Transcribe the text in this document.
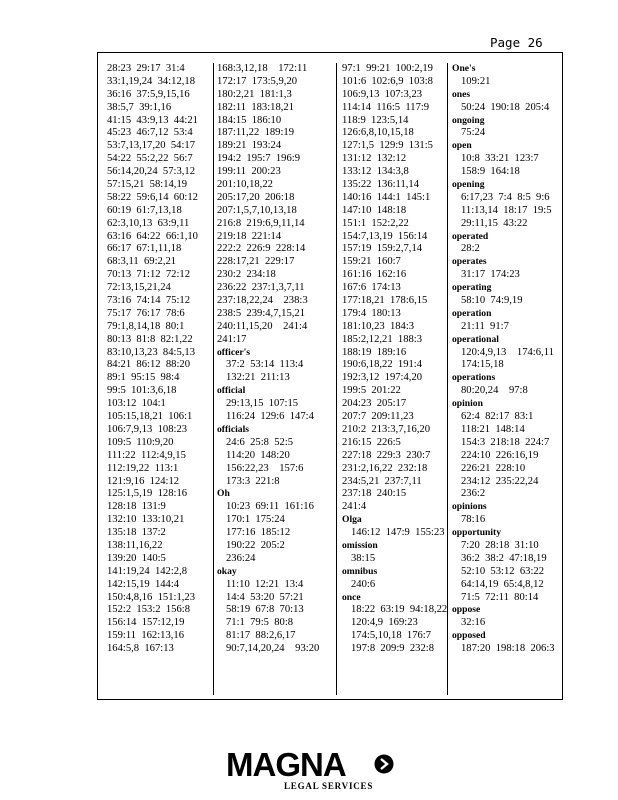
Page 26
28:23  29:17  31:4
33:1,19,24  34:12,18
36:16  37:5,9,15,16
38:5,7  39:1,16
41:15  43:9,13  44:21
45:23  46:7,12  53:4
53:7,13,17,20  54:17
54:22  55:2,22  56:7
56:14,20,24  57:3,12
57:15,21  58:14,19
58:22  59:6,14  60:12
60:19  61:7,13,18
62:3,10,13  63:9,11
63:16  64:22  66:1,10
66:17  67:1,11,18
68:3,11  69:2,21
70:13  71:12  72:12
72:13,15,21,24
73:16  74:14  75:12
75:17  76:17  78:6
79:1,8,14,18  80:1
80:13  81:8  82:1,22
83:10,13,23  84:5,13
84:21  86:12  88:20
89:1  95:15  98:4
99:5  101:3,6,18
103:12  104:1
105:15,18,21  106:1
106:7,9,13  108:23
109:5  110:9,20
111:22  112:4,9,15
112:19,22  113:1
121:9,16  124:12
125:1,5,19  128:16
128:18  131:9
132:10  133:10,21
135:18  137:2
138:11,16,22
139:20  140:5
141:19,24  142:2,8
142:15,19  144:4
150:4,8,16  151:1,23
152:2  153:2  156:8
156:14  157:12,19
159:11  162:13,16
164:5,8  167:13
168:3,12,18    172:11
172:17  173:5,9,20
180:2,21  181:1,3
182:11  183:18,21
184:15  186:10
187:11,22  189:19
189:21  193:24
194:2  195:7  196:9
199:11  200:23
201:10,18,22
205:17,20  206:18
207:1,5,7,10,13,18
216:8  219:6,9,11,14
219:18  221:14
222:2  226:9  228:14
228:17,21  229:17
230:2  234:18
236:22  237:1,3,7,11
237:18,22,24    238:3
238:5  239:4,7,15,21
240:11,15,20    241:4
241:17
officer's
37:2  53:14  113:4
132:21  211:13
official
29:13,15  107:15
116:24  129:6  147:4
officials
24:6  25:8  52:5
114:20  148:20
156:22,23    157:6
173:3  221:8
Oh
10:23  69:11  161:16
170:1  175:24
177:16  185:12
190:22  205:2
236:24
okay
11:10  12:21  13:4
14:4  53:20  57:21
58:19  67:8  70:13
71:1  79:5  80:8
81:17  88:2,6,17
90:7,14,20,24    93:20
97:1  99:21  100:2,19
101:6  102:6,9  103:8
106:9,13  107:3,23
114:14  116:5  117:9
118:9  123:5,14
126:6,8,10,15,18
127:1,5  129:9  131:5
131:12  132:12
133:12  134:3,8
135:22  136:11,14
140:16  144:1  145:1
147:10  148:18
151:1  152:2,22
154:7,13,19  156:14
157:19  159:2,7,14
159:21  160:7
161:16  162:16
167:6  174:13
177:18,21  178:6,15
179:4  180:13
181:10,23  184:3
185:2,12,21  188:3
188:19  189:16
190:6,18,22  191:4
192:3,12  197:4,20
199:5  201:22
204:23  205:17
207:7  209:11,23
210:2  213:3,7,16,20
216:15  226:5
227:18  229:3  230:7
231:2,16,22  232:18
234:5,21  237:7,11
237:18  240:15
241:4
Olga
146:12  147:9  155:23
omission
38:15
omnibus
240:6
once
18:22  63:19  94:18,22
120:4,9  169:23
174:5,10,18  176:7
197:8  209:9  232:8
One's
109:21
ones
50:24  190:18  205:4
ongoing
75:24
open
10:8  33:21  123:7
158:9  164:18
opening
6:17,23  7:4  8:5  9:6
11:13,14  18:17  19:5
29:11,15  43:22
operated
28:2
operates
31:17  174:23
operating
58:10  74:9,19
operation
21:11  91:7
operational
120:4,9,13    174:6,11
174:15,18
operations
80:20,24    97:8
opinion
62:4  82:17  83:1
118:21  148:14
154:3  218:18  224:7
224:10  226:16,19
226:21  228:10
234:12  235:22,24
236:2
opinions
78:16
opportunity
7:20  28:18  31:10
36:2  38:2  47:18,19
52:10  53:12  63:22
64:14,19  65:4,8,12
71:5  72:11  80:14
oppose
32:16
opposed
187:20  198:18  206:3
MAGNA
LEGAL SERVICES
